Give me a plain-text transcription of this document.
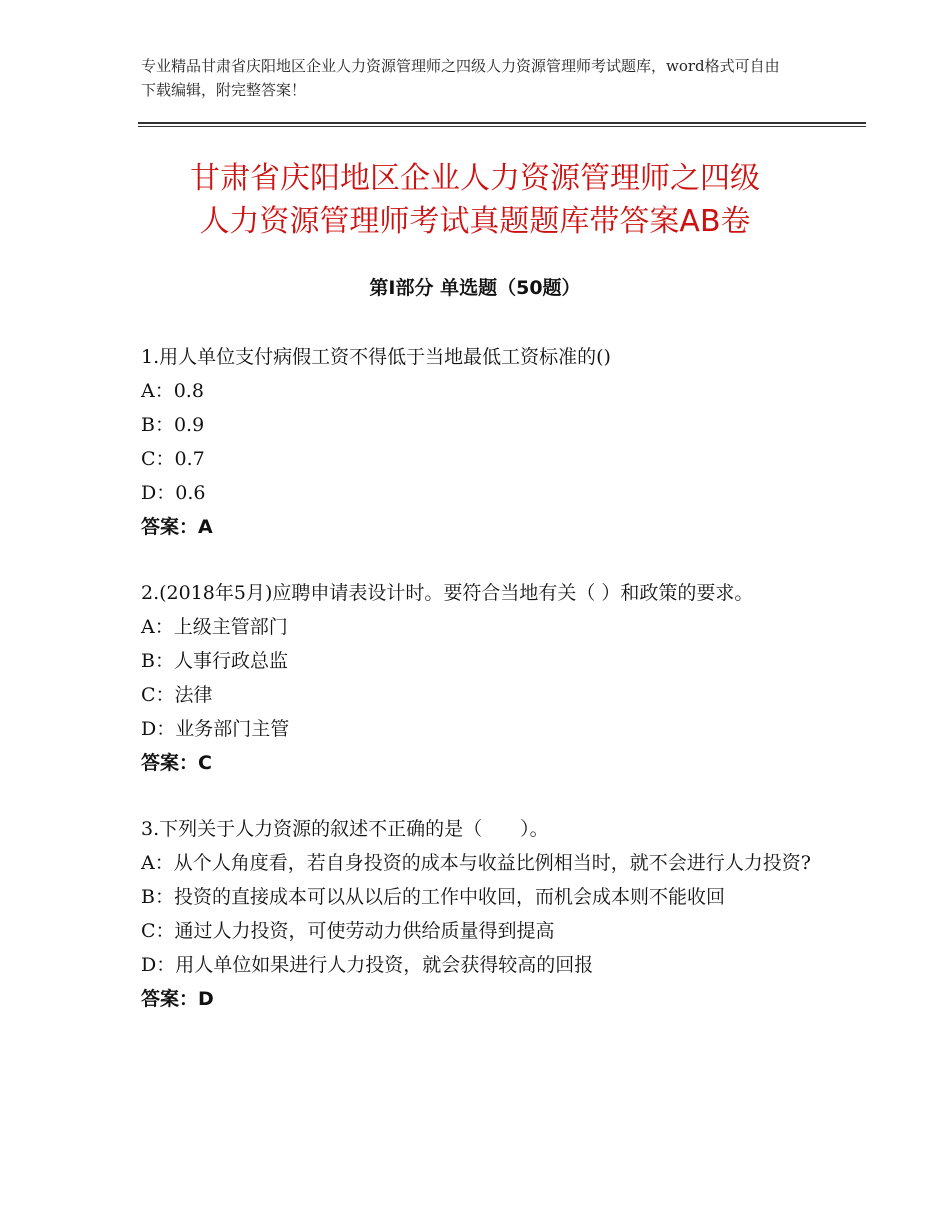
专业精品甘肃省庆阳地区企业人力资源管理师之四级人力资源管理师考试题库，word格式可自由下载编辑，附完整答案！
甘肃省庆阳地区企业人力资源管理师之四级
人力资源管理师考试真题题库带答案AB卷
第Ⅰ部分 单选题（50题）
1.用人单位支付病假工资不得低于当地最低工资标准的()
A：0.8
B：0.9
C：0.7
D：0.6
答案：A
2.(2018年5月)应聘申请表设计时。要符合当地有关（ ）和政策的要求。
A：上级主管部门
B：人事行政总监
C：法律
D：业务部门主管
答案：C
3.下列关于人力资源的叙述不正确的是（　　）。
A：从个人角度看，若自身投资的成本与收益比例相当时，就不会进行人力投资?
B：投资的直接成本可以从以后的工作中收回，而机会成本则不能收回
C：通过人力投资，可使劳动力供给质量得到提高
D：用人单位如果进行人力投资，就会获得较高的回报
答案：D
